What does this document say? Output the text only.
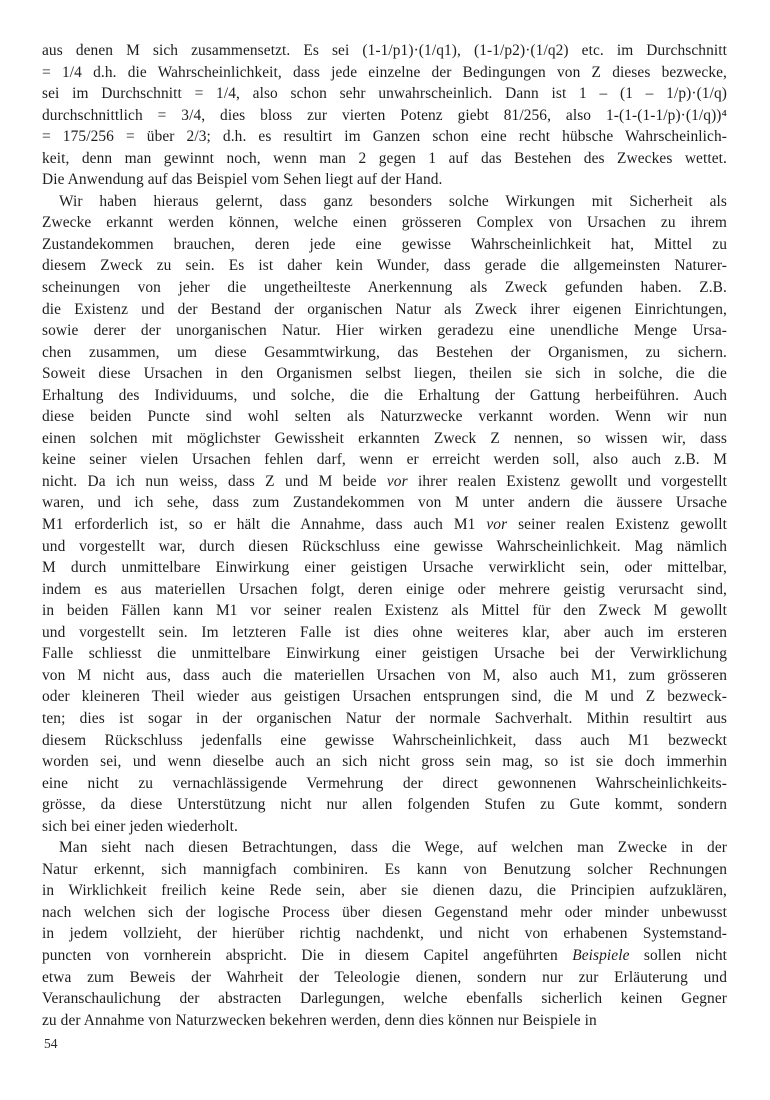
aus denen M sich zusammensetzt. Es sei (1-1/p1)·(1/q1), (1-1/p2)·(1/q2) etc. im Durchschnitt
= 1/4 d.h. die Wahrscheinlichkeit, dass jede einzelne der Bedingungen von Z dieses bezwecke,
sei im Durchschnitt = 1/4, also schon sehr unwahrscheinlich. Dann ist 1 – (1 – 1/p)·(1/q)
durchschnittlich = 3/4, dies bloss zur vierten Potenz giebt 81/256, also 1-(1-(1-1/p)·(1/q))⁴
= 175/256 = über 2/3; d.h. es resultirt im Ganzen schon eine recht hübsche Wahrscheinlich-
keit, denn man gewinnt noch, wenn man 2 gegen 1 auf das Bestehen des Zweckes wettet.
Die Anwendung auf das Beispiel vom Sehen liegt auf der Hand.
Wir haben hieraus gelernt, dass ganz besonders solche Wirkungen mit Sicherheit als
Zwecke erkannt werden können, welche einen grösseren Complex von Ursachen zu ihrem
Zustandekommen brauchen, deren jede eine gewisse Wahrscheinlichkeit hat, Mittel zu
diesem Zweck zu sein. Es ist daher kein Wunder, dass gerade die allgemeinsten Naturer-
scheinungen von jeher die ungetheilteste Anerkennung als Zweck gefunden haben. Z.B.
die Existenz und der Bestand der organischen Natur als Zweck ihrer eigenen Einrichtungen,
sowie derer der unorganischen Natur. Hier wirken geradezu eine unendliche Menge Ursa-
chen zusammen, um diese Gesammtwirkung, das Bestehen der Organismen, zu sichern.
Soweit diese Ursachen in den Organismen selbst liegen, theilen sie sich in solche, die die
Erhaltung des Individuums, und solche, die die Erhaltung der Gattung herbeiführen. Auch
diese beiden Puncte sind wohl selten als Naturzwecke verkannt worden. Wenn wir nun
einen solchen mit möglichster Gewissheit erkannten Zweck Z nennen, so wissen wir, dass
keine seiner vielen Ursachen fehlen darf, wenn er erreicht werden soll, also auch z.B. M
nicht. Da ich nun weiss, dass Z und M beide vor ihrer realen Existenz gewollt und vorgestellt
waren, und ich sehe, dass zum Zustandekommen von M unter andern die äussere Ursache
M1 erforderlich ist, so er hält die Annahme, dass auch M1 vor seiner realen Existenz gewollt
und vorgestellt war, durch diesen Rückschluss eine gewisse Wahrscheinlichkeit. Mag nämlich
M durch unmittelbare Einwirkung einer geistigen Ursache verwirklicht sein, oder mittelbar,
indem es aus materiellen Ursachen folgt, deren einige oder mehrere geistig verursacht sind,
in beiden Fällen kann M1 vor seiner realen Existenz als Mittel für den Zweck M gewollt
und vorgestellt sein. Im letzteren Falle ist dies ohne weiteres klar, aber auch im ersteren
Falle schliesst die unmittelbare Einwirkung einer geistigen Ursache bei der Verwirklichung
von M nicht aus, dass auch die materiellen Ursachen von M, also auch M1, zum grösseren
oder kleineren Theil wieder aus geistigen Ursachen entsprungen sind, die M und Z bezweck-
ten; dies ist sogar in der organischen Natur der normale Sachverhalt. Mithin resultirt aus
diesem Rückschluss jedenfalls eine gewisse Wahrscheinlichkeit, dass auch M1 bezweckt
worden sei, und wenn dieselbe auch an sich nicht gross sein mag, so ist sie doch immerhin
eine nicht zu vernachlässigende Vermehrung der direct gewonnenen Wahrscheinlichkeits-
grösse, da diese Unterstützung nicht nur allen folgenden Stufen zu Gute kommt, sondern
sich bei einer jeden wiederholt.
Man sieht nach diesen Betrachtungen, dass die Wege, auf welchen man Zwecke in der
Natur erkennt, sich mannigfach combiniren. Es kann von Benutzung solcher Rechnungen
in Wirklichkeit freilich keine Rede sein, aber sie dienen dazu, die Principien aufzuklären,
nach welchen sich der logische Process über diesen Gegenstand mehr oder minder unbewusst
in jedem vollzieht, der hierüber richtig nachdenkt, und nicht von erhabenen Systemstand-
puncten von vornherein abspricht. Die in diesem Capitel angeführten Beispiele sollen nicht
etwa zum Beweis der Wahrheit der Teleologie dienen, sondern nur zur Erläuterung und
Veranschaulichung der abstracten Darlegungen, welche ebenfalls sicherlich keinen Gegner
zu der Annahme von Naturzwecken bekehren werden, denn dies können nur Beispiele in
54
